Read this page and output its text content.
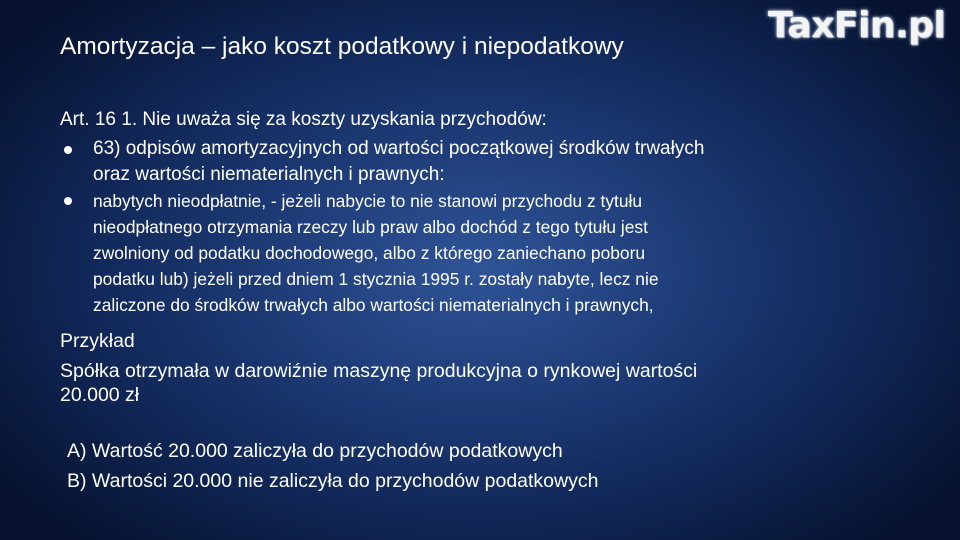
Amortyzacja – jako koszt podatkowy i niepodatkowy
TaxFin.pl
Art. 16 1. Nie uważa się za koszty uzyskania przychodów:
63) odpisów amortyzacyjnych od wartości początkowej środków trwałych
oraz wartości niematerialnych i prawnych:
nabytych nieodpłatnie, - jeżeli nabycie to nie stanowi przychodu z tytułu
nieodpłatnego otrzymania rzeczy lub praw albo dochód z tego tytułu jest
zwolniony od podatku dochodowego, albo z którego zaniechano poboru
podatku lub) jeżeli przed dniem 1 stycznia 1995 r. zostały nabyte, lecz nie
zaliczone do środków trwałych albo wartości niematerialnych i prawnych,
Przykład
Spółka otrzymała w darowiźnie maszynę produkcyjna o rynkowej wartości
20.000 zł
A) Wartość 20.000 zaliczyła do przychodów podatkowych
B) Wartości 20.000 nie zaliczyła do przychodów podatkowych
